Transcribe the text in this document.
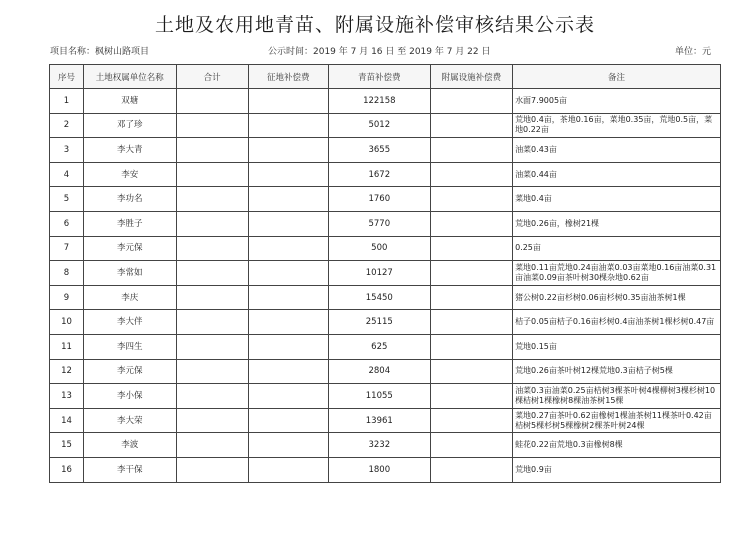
土地及农用地青苗、附属设施补偿审核结果公示表
项目名称：枫树山路项目	公示时间：2019 年 7 月 16 日 至 2019 年 7 月 22 日	单位：元
序号	土地权属单位名称	合计	征地补偿费	青苗补偿费	附属设施补偿费	备注
1	双塘			122158		水面7.9005亩
2	邓了珍			5012		荒地0.4亩，茶地0.16亩，菜地0.35亩，荒地0.5亩，菜地0.22亩
3	李大青			3655		油菜0.43亩
4	李安			1672		油菜0.44亩
5	李功名			1760		菜地0.4亩
6	李胜子			5770		荒地0.26亩，橡树21棵
7	李元保			500		0.25亩
8	李常如			10127		菜地0.11亩荒地0.24亩油菜0.03亩菜地0.16亩油菜0.31亩油菜0.09亩茶叶树30棵杂地0.62亩
9	李庆			15450		猪公树0.22亩杉树0.06亩杉树0.35亩油茶树1棵
10	李大伴			25115		桔子0.05亩桔子0.16亩杉树0.4亩油茶树1棵杉树0.47亩
11	李四生			625		荒地0.15亩
12	李元保			2804		荒地0.26亩茶叶树12棵荒地0.3亩桔子树5棵
13	李小保			11055		油菜0.3亩油菜0.25亩桔树3棵茶叶树4棵柳树3棵杉树10棵桔树1棵橡树8棵油茶树15棵
14	李大荣			13961		菜地0.27亩茶叶0.62亩橡树1棵油茶树11棵茶叶0.42亩桔树5棵杉树5棵橡树2棵茶叶树24棵
15	李波			3232		蛙花0.22亩荒地0.3亩橡树8棵
16	李干保			1800		荒地0.9亩
